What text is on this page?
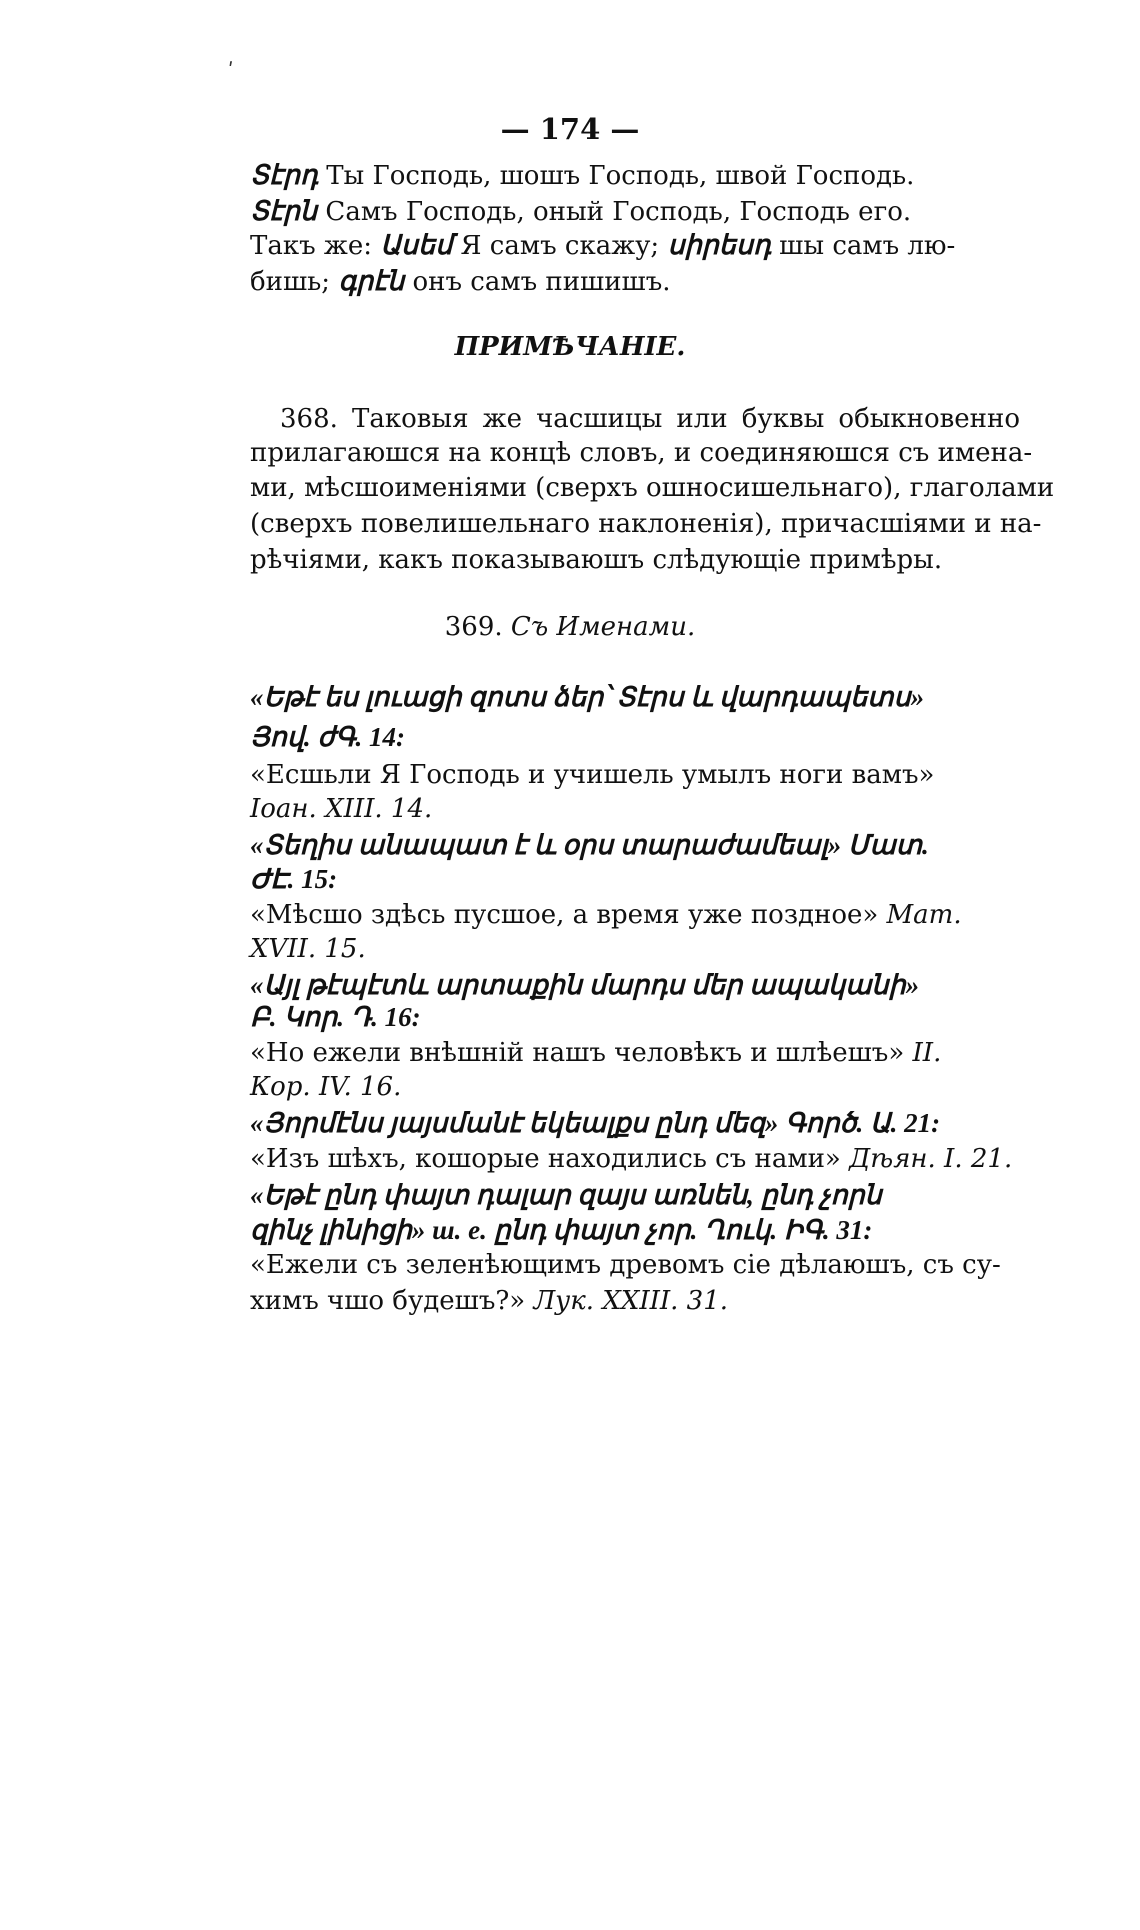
ʹ
— 174 —
Տէրդ Ты Господь, шошъ Господь, швой Господь.
Տէրն Самъ Господь, оный Господь, Господь его.
Такъ же: Ասեմ Я самъ скажу; սիրեսդ шы самъ лю-
бишь; գրէն онъ самъ пишишъ.
ПРИМѢЧАНІЕ.
368. Таковыя же часшицы или буквы обыкновенно
прилагаюшся на концѣ словъ, и соединяюшся съ имена-
ми, мѣсшоименіями (сверхъ ошносишельнаго), глаголами
(сверхъ повелишельнаго наклоненія), причасшіями и на-
рѣчіями, какъ показываюшъ слѣдующіе примѣры.
369. Съ Именами.
«Եթէ ես լուացի զոտս ձեր՝ Տէրս և վարդապետս»
Յով. ժԳ. 14:
«Есшьли Я Господь и учишель умылъ ноги вамъ»
Іоан. XIII. 14.
«Տեղիս անապատ է և օրս տարաժամեալ» Մատ.
ԺԷ. 15:
«Мѣсшо здѣсь пусшое, а время уже поздное» Мат.
XVII. 15.
«Այլ թէպէտև արտաքին մարդս մեր ապականի»
Բ. Կոր. Դ. 16:
«Но ежели внѣшній нашъ человѣкъ и шлѣешъ» II.
Кор. IV. 16.
«Յորմէնս յայսմանէ եկեալքս ընդ մեզ» Գործ. Ա. 21:
«Изъ шѣхъ, кошорые находились съ нами» Дѣян. I. 21.
«Եթէ ընդ փայտ դալար զայս առնեն, ընդ չորն
զինչ լինիցի» ш. е. ընդ փայտ չոր. Ղուկ. ԻԳ. 31:
«Ежели съ зеленѣющимъ древомъ сіе дѣлаюшъ, съ су-
химъ чшо будешъ?» Лук. XXIII. 31.
